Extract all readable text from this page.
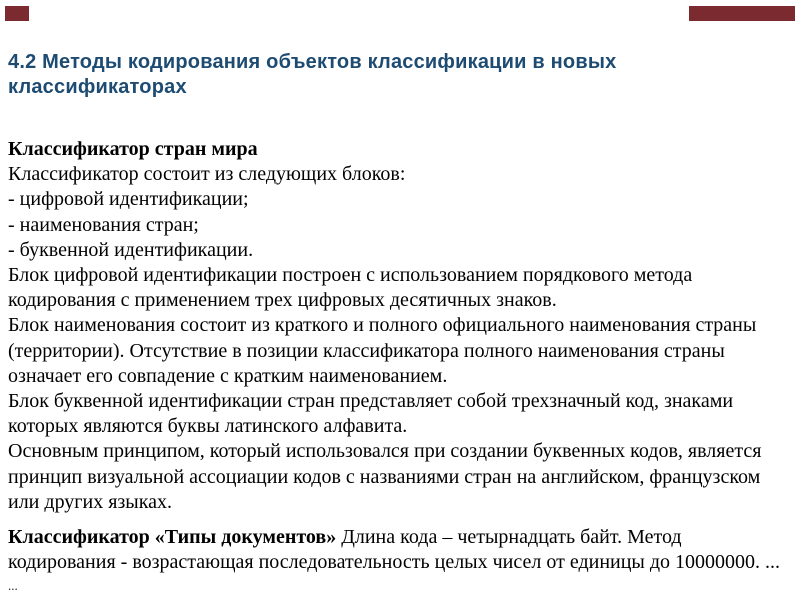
4.2 Методы кодирования объектов классификации в новых
классификаторах
Классификатор стран мира
Классификатор состоит из следующих блоков:
- цифровой идентификации;
- наименования стран;
- буквенной идентификации.
Блок цифровой идентификации построен с использованием порядкового метода
кодирования с применением трех цифровых десятичных знаков.
Блок наименования состоит из краткого и полного официального наименования страны
(территории). Отсутствие в позиции классификатора полного наименования страны
означает его совпадение с кратким наименованием.
Блок буквенной идентификации стран представляет собой трехзначный код, знаками
которых являются буквы латинского алфавита.
Основным принципом, который использовался при создании буквенных кодов, является
принцип визуальной ассоциации кодов с названиями стран на английском, французском
или других языках.
Классификатор «Типы документов» Длина кода – четырнадцать байт. Метод
кодирования - возрастающая последовательность целых чисел от единицы до 10000000. ...
...
